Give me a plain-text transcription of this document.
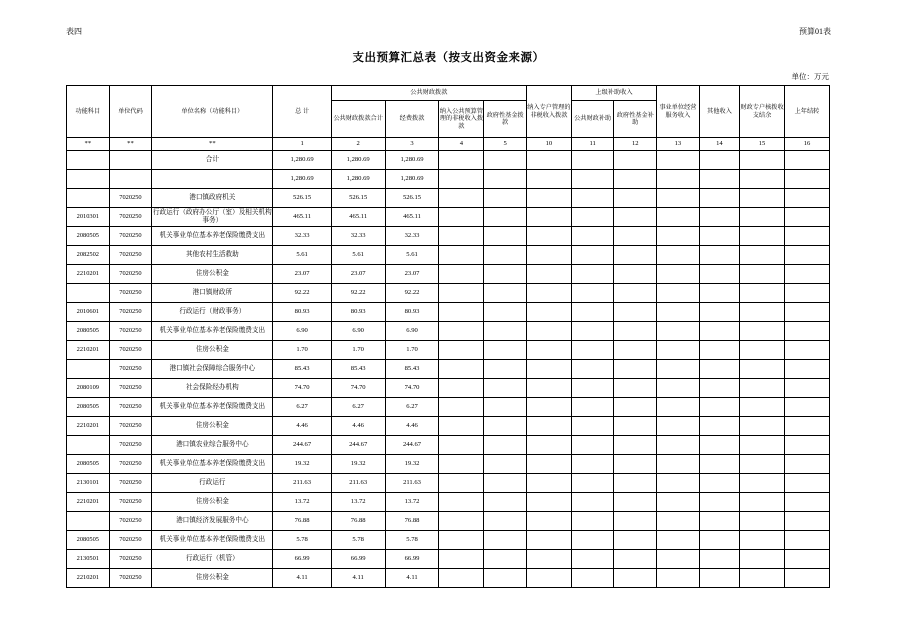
表四	预算01表
支出预算汇总表（按支出资金来源）
单位：万元
功能科目	单位代码	单位名称（功能科目）	总 计	公共财政拨款				纳入专户管理的非税收入拨款	上级补助收入		事业单位经营服务收入	其他收入	财政专户核拨收支结余	上年结转
				公共财政拨款合计	经费拨款	纳入公共预算管理的非税收入拨款	政府性基金拨款		公共财政补助	政府性基金补助				

**	**	**	1	2	3	4	5	10	11	12	13	14	15	16
		合计	1,280.69	1,280.69	1,280.69									
			1,280.69	1,280.69	1,280.69									
	7020250	港口镇政府机关	526.15	526.15	526.15									
2010301	7020250	行政运行（政府办公厅（室）及相关机构事务）	465.11	465.11	465.11									
2080505	7020250	机关事业单位基本养老保险缴费支出	32.33	32.33	32.33									
2082502	7020250	其他农村生活救助	5.61	5.61	5.61									
2210201	7020250	住房公积金	23.07	23.07	23.07									
	7020250	港口镇财政所	92.22	92.22	92.22									
2010601	7020250	行政运行（财政事务）	80.93	80.93	80.93									
2080505	7020250	机关事业单位基本养老保险缴费支出	6.90	6.90	6.90									
2210201	7020250	住房公积金	1.70	1.70	1.70									
	7020250	港口镇社会保障综合服务中心	85.43	85.43	85.43									
2080109	7020250	社会保险经办机构	74.70	74.70	74.70									
2080505	7020250	机关事业单位基本养老保险缴费支出	6.27	6.27	6.27									
2210201	7020250	住房公积金	4.46	4.46	4.46									
	7020250	港口镇农业综合服务中心	244.67	244.67	244.67									
2080505	7020250	机关事业单位基本养老保险缴费支出	19.32	19.32	19.32									
2130101	7020250	行政运行	211.63	211.63	211.63									
2210201	7020250	住房公积金	13.72	13.72	13.72									
	7020250	港口镇经济发展服务中心	76.88	76.88	76.88									
2080505	7020250	机关事业单位基本养老保险缴费支出	5.78	5.78	5.78									
2130501	7020250	行政运行（机管）	66.99	66.99	66.99									
2210201	7020250	住房公积金	4.11	4.11	4.11									
